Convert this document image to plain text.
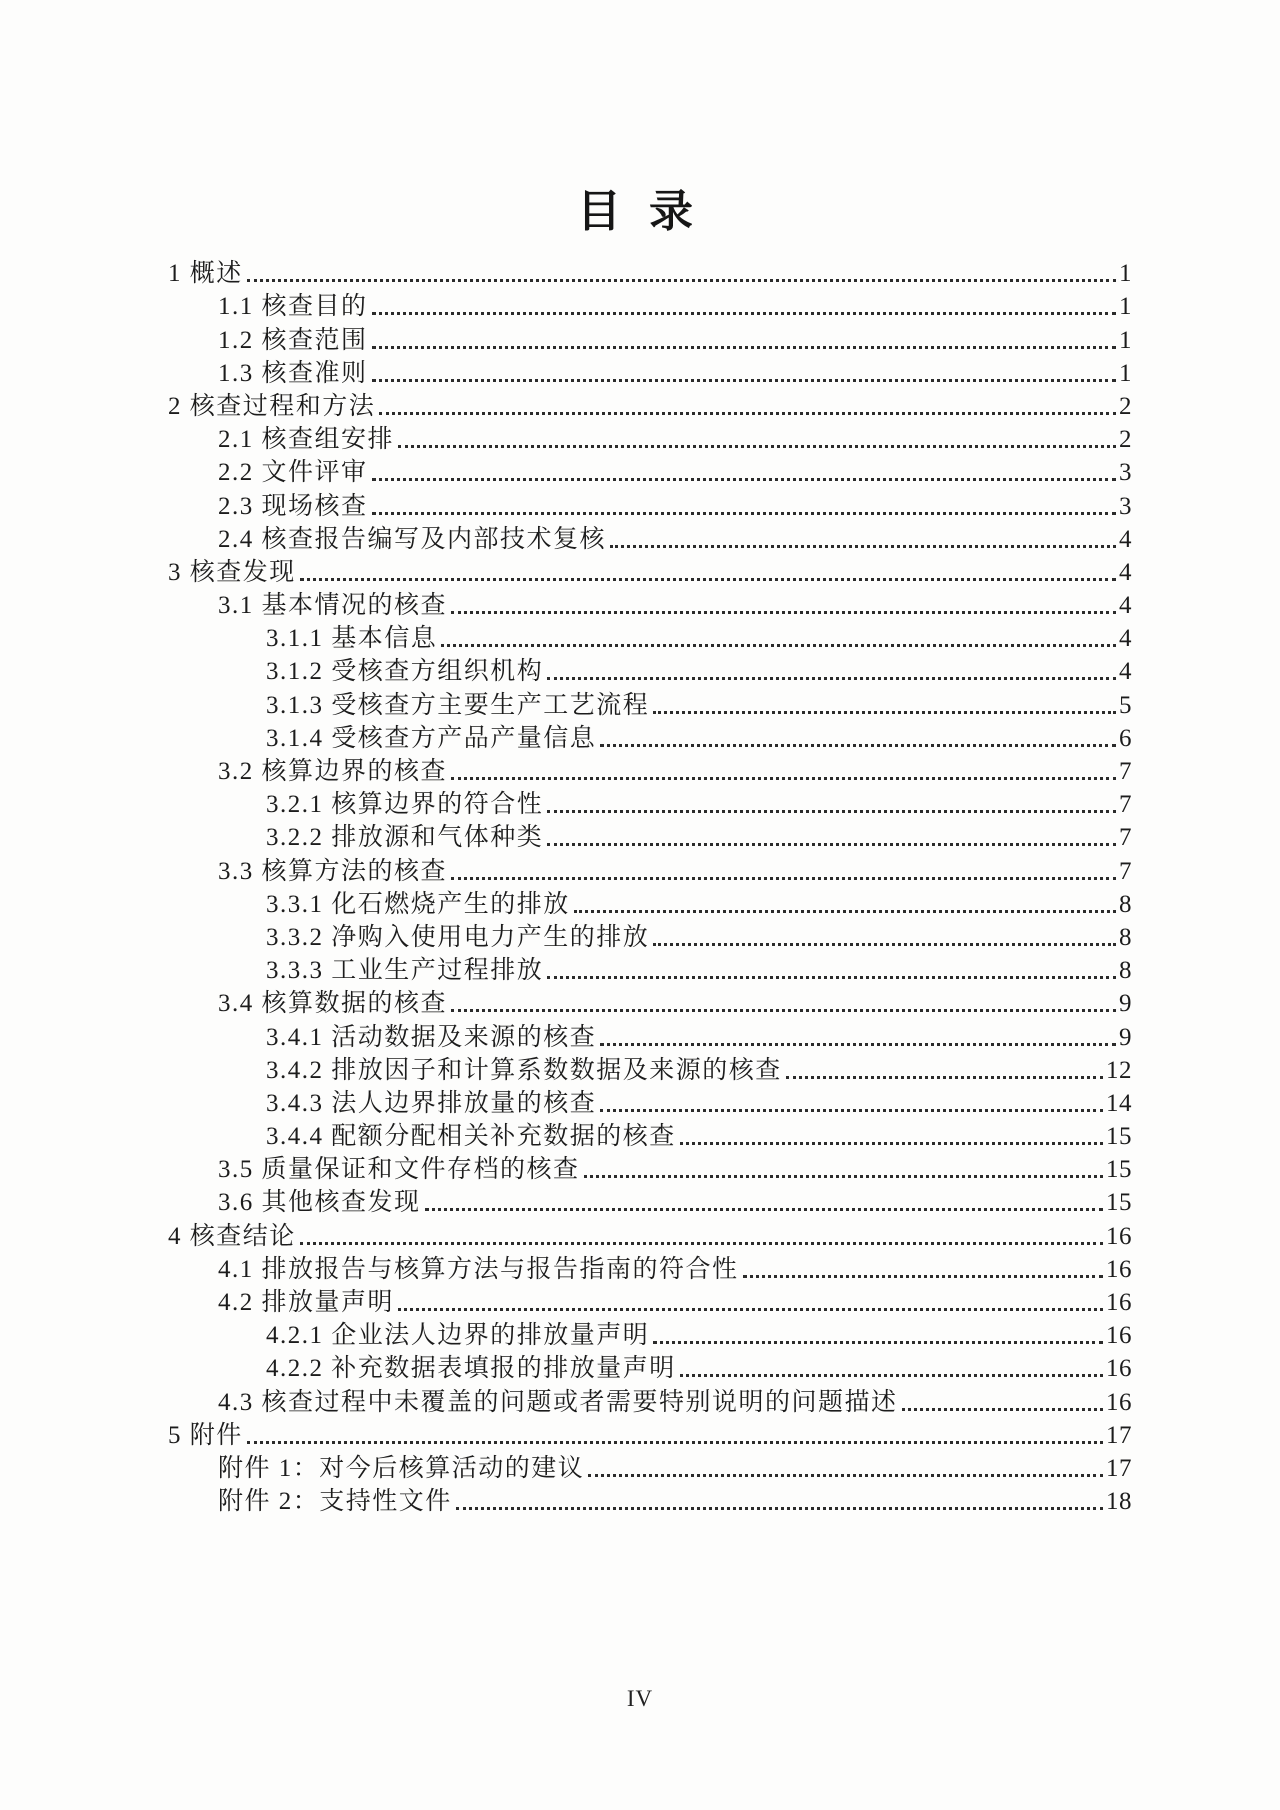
目  录
1 概述	1
1.1 核查目的	1
1.2 核查范围	1
1.3 核查准则	1
2 核查过程和方法	2
2.1 核查组安排	2
2.2 文件评审	3
2.3 现场核查	3
2.4 核查报告编写及内部技术复核	4
3 核查发现	4
3.1 基本情况的核查	4
3.1.1 基本信息	4
3.1.2 受核查方组织机构	4
3.1.3 受核查方主要生产工艺流程	5
3.1.4 受核查方产品产量信息	6
3.2 核算边界的核查	7
3.2.1 核算边界的符合性	7
3.2.2 排放源和气体种类	7
3.3 核算方法的核查	7
3.3.1 化石燃烧产生的排放	8
3.3.2 净购入使用电力产生的排放	8
3.3.3 工业生产过程排放	8
3.4 核算数据的核查	9
3.4.1 活动数据及来源的核查	9
3.4.2 排放因子和计算系数数据及来源的核查	12
3.4.3 法人边界排放量的核查	14
3.4.4 配额分配相关补充数据的核查	15
3.5 质量保证和文件存档的核查	15
3.6 其他核查发现	15
4 核查结论	16
4.1 排放报告与核算方法与报告指南的符合性	16
4.2 排放量声明	16
4.2.1 企业法人边界的排放量声明	16
4.2.2 补充数据表填报的排放量声明	16
4.3 核查过程中未覆盖的问题或者需要特别说明的问题描述	16
5 附件	17
附件 1：对今后核算活动的建议	17
附件 2：支持性文件	18
IV
